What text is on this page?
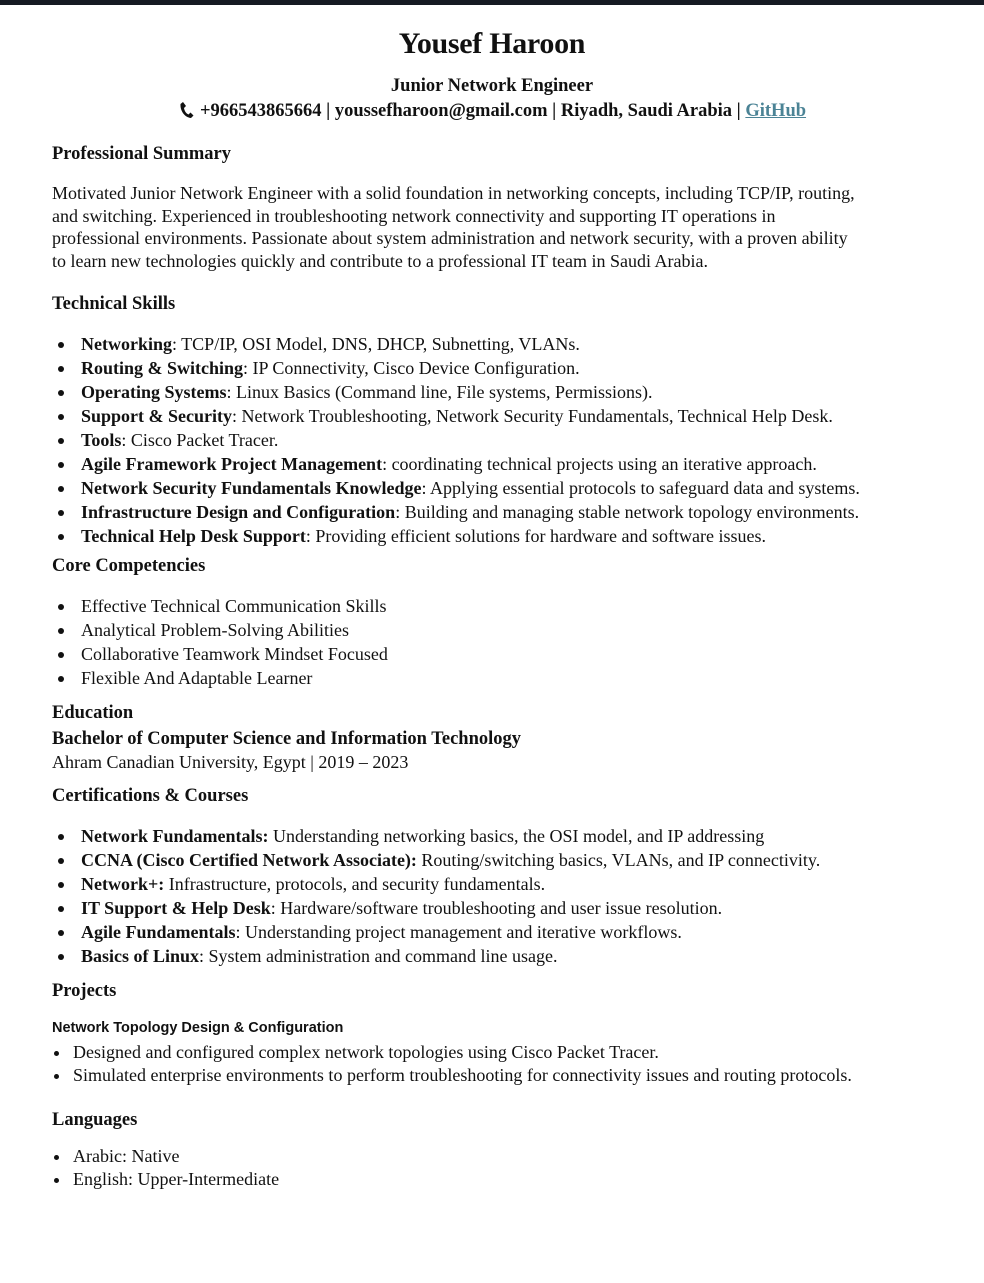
Yousef Haroon
Junior Network Engineer
+966543865664 | youssefharoon@gmail.com | Riyadh, Saudi Arabia | GitHub
Professional Summary
Motivated Junior Network Engineer with a solid foundation in networking concepts, including TCP/IP, routing,
and switching. Experienced in troubleshooting network connectivity and supporting IT operations in
professional environments. Passionate about system administration and network security, with a proven ability
to learn new technologies quickly and contribute to a professional IT team in Saudi Arabia.
Technical Skills
Networking: TCP/IP, OSI Model, DNS, DHCP, Subnetting, VLANs.
Routing & Switching: IP Connectivity, Cisco Device Configuration.
Operating Systems: Linux Basics (Command line, File systems, Permissions).
Support & Security: Network Troubleshooting, Network Security Fundamentals, Technical Help Desk.
Tools: Cisco Packet Tracer.
Agile Framework Project Management: coordinating technical projects using an iterative approach.
Network Security Fundamentals Knowledge: Applying essential protocols to safeguard data and systems.
Infrastructure Design and Configuration: Building and managing stable network topology environments.
Technical Help Desk Support: Providing efficient solutions for hardware and software issues.
Core Competencies
Effective Technical Communication Skills
Analytical Problem-Solving Abilities
Collaborative Teamwork Mindset Focused
Flexible And Adaptable Learner
Education
Bachelor of Computer Science and Information Technology
Ahram Canadian University, Egypt | 2019 – 2023
Certifications & Courses
Network Fundamentals: Understanding networking basics, the OSI model, and IP addressing
CCNA (Cisco Certified Network Associate): Routing/switching basics, VLANs, and IP connectivity.
Network+: Infrastructure, protocols, and security fundamentals.
IT Support & Help Desk: Hardware/software troubleshooting and user issue resolution.
Agile Fundamentals: Understanding project management and iterative workflows.
Basics of Linux: System administration and command line usage.
Projects
Network Topology Design & Configuration
Designed and configured complex network topologies using Cisco Packet Tracer.
Simulated enterprise environments to perform troubleshooting for connectivity issues and routing protocols.
Languages
Arabic: Native
English: Upper-Intermediate
